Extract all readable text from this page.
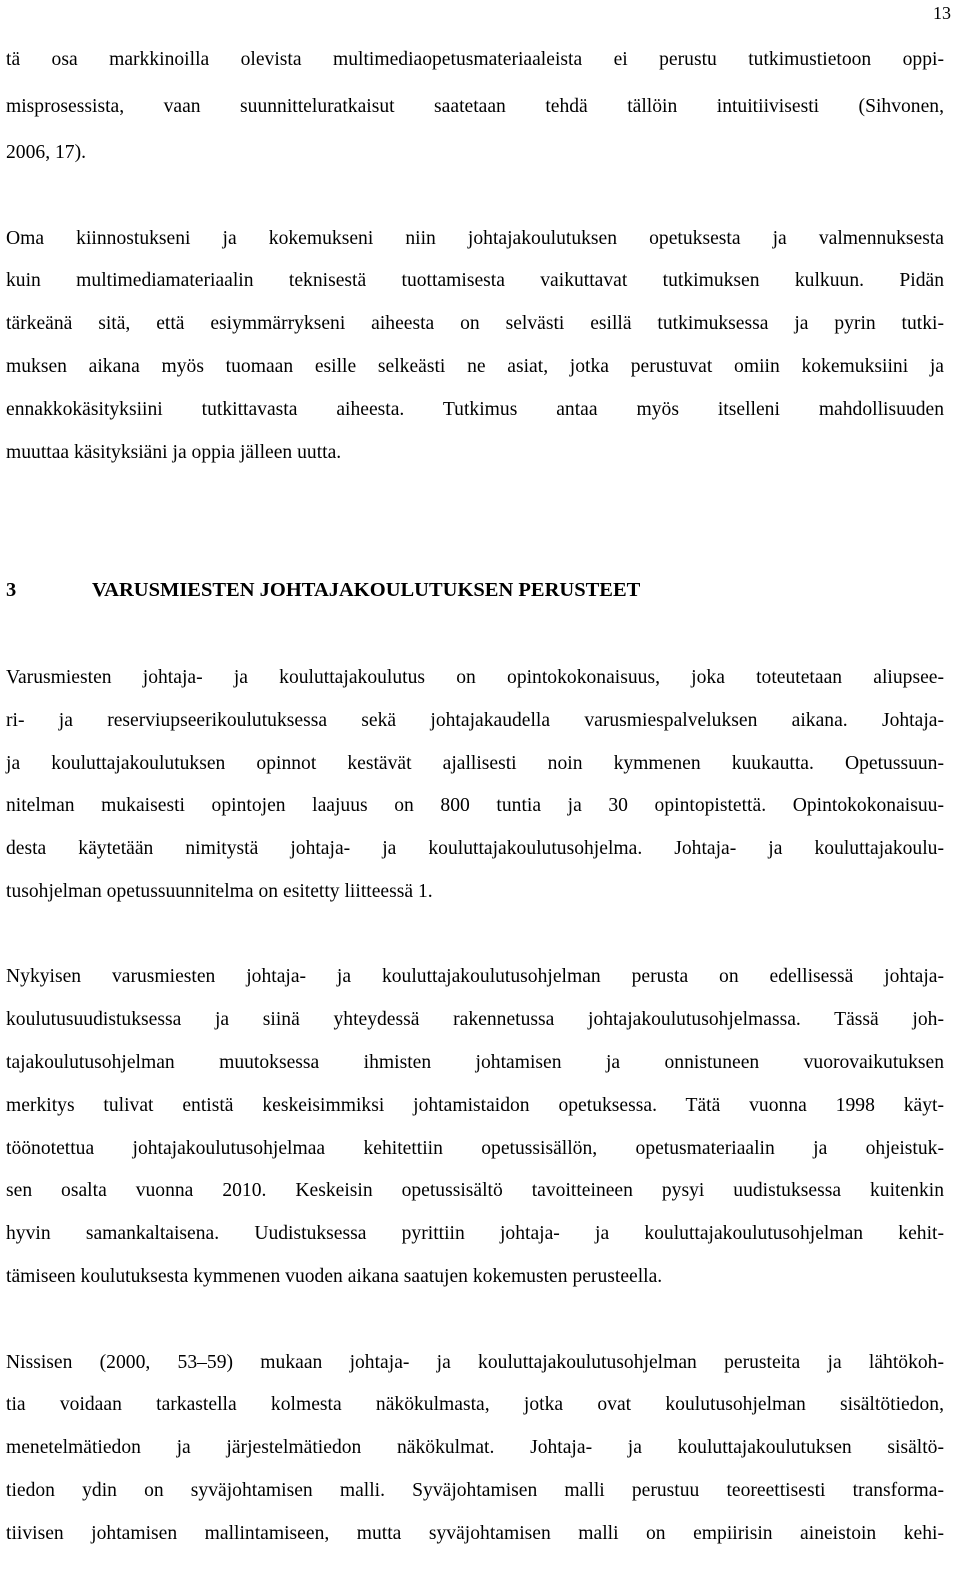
13
tä osa markkinoilla olevista multimediaopetusmateriaaleista ei perustu tutkimustietoon oppi-
misprosessista, vaan suunnitteluratkaisut saatetaan tehdä tällöin intuitiivisesti (Sihvonen,
2006, 17).
Oma kiinnostukseni ja kokemukseni niin johtajakoulutuksen opetuksesta ja valmennuksesta
kuin multimediamateriaalin teknisestä tuottamisesta vaikuttavat tutkimuksen kulkuun. Pidän
tärkeänä sitä, että esiymmärrykseni aiheesta on selvästi esillä tutkimuksessa ja pyrin tutki-
muksen aikana myös tuomaan esille selkeästi ne asiat, jotka perustuvat omiin kokemuksiini ja
ennakkokäsityksiini tutkittavasta aiheesta. Tutkimus antaa myös itselleni mahdollisuuden
muuttaa käsityksiäni ja oppia jälleen uutta.
3	VARUSMIESTEN JOHTAJAKOULUTUKSEN PERUSTEET
Varusmiesten johtaja- ja kouluttajakoulutus on opintokokonaisuus, joka toteutetaan aliupsee-
ri- ja reserviupseerikoulutuksessa sekä johtajakaudella varusmiespalveluksen aikana. Johtaja-
ja kouluttajakoulutuksen opinnot kestävät ajallisesti noin kymmenen kuukautta. Opetussuun-
nitelman mukaisesti opintojen laajuus on 800 tuntia ja 30 opintopistettä. Opintokokonaisuu-
desta käytetään nimitystä johtaja- ja kouluttajakoulutusohjelma. Johtaja- ja kouluttajakoulu-
tusohjelman opetussuunnitelma on esitetty liitteessä 1.
Nykyisen varusmiesten johtaja- ja kouluttajakoulutusohjelman perusta on edellisessä johtaja-
koulutusuudistuksessa ja siinä yhteydessä rakennetussa johtajakoulutusohjelmassa. Tässä joh-
tajakoulutusohjelman muutoksessa ihmisten johtamisen ja onnistuneen vuorovaikutuksen
merkitys tulivat entistä keskeisimmiksi johtamistaidon opetuksessa. Tätä vuonna 1998 käyt-
töönotettua johtajakoulutusohjelmaa kehitettiin opetussisällön, opetusmateriaalin ja ohjeistuk-
sen osalta vuonna 2010. Keskeisin opetussisältö tavoitteineen pysyi uudistuksessa kuitenkin
hyvin samankaltaisena. Uudistuksessa pyrittiin johtaja- ja kouluttajakoulutusohjelman kehit-
tämiseen koulutuksesta kymmenen vuoden aikana saatujen kokemusten perusteella.
Nissisen (2000, 53–59) mukaan johtaja- ja kouluttajakoulutusohjelman perusteita ja lähtökoh-
tia voidaan tarkastella kolmesta näkökulmasta, jotka ovat koulutusohjelman sisältötiedon,
menetelmätiedon ja järjestelmätiedon näkökulmat. Johtaja- ja kouluttajakoulutuksen sisältö-
tiedon ydin on syväjohtamisen malli. Syväjohtamisen malli perustuu teoreettisesti transforma-
tiivisen johtamisen mallintamiseen, mutta syväjohtamisen malli on empiirisin aineistoin kehi-
